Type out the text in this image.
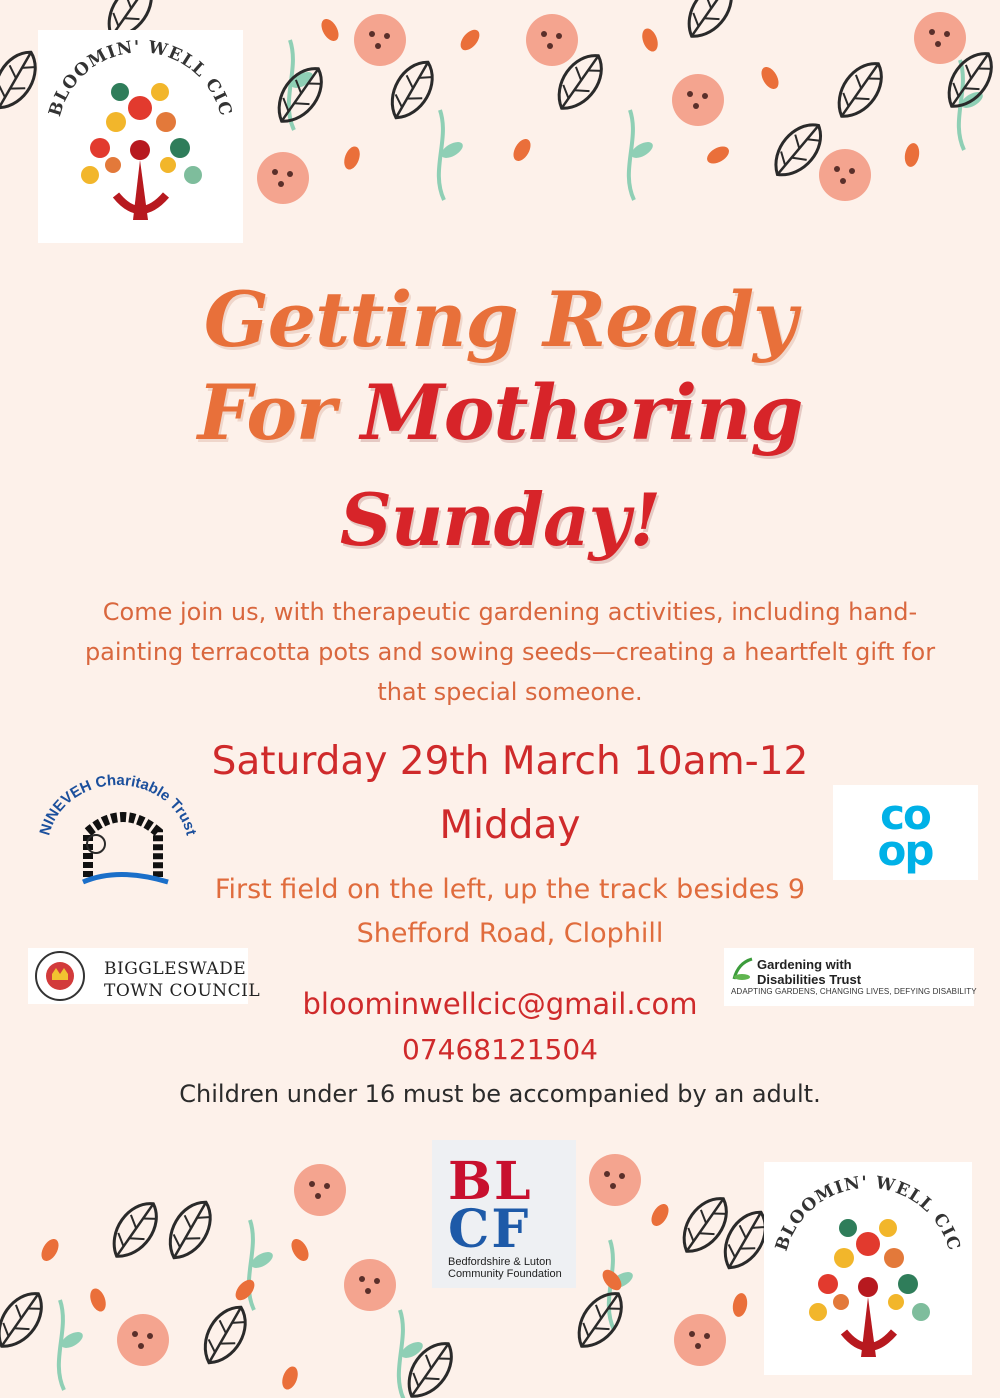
BLOOMIN' WELL CIC
Getting Ready
For Mothering
Sunday!
Come join us, with therapeutic gardening activities, including hand-painting terracotta pots and sowing seeds—creating a heartfelt gift for that special someone.
Saturday 29th March 10am-12
Midday
First field on the left, up the track besides 9
Shefford Road, Clophill
bloominwellcic@gmail.com
07468121504
Children under 16 must be accompanied by an adult.
NINEVEH Charitable Trust	co
op
BIGGLESWADE
TOWN COUNCIL
Gardening with
Disabilities Trust
ADAPTING GARDENS, CHANGING LIVES, DEFYING DISABILITY
BL
CF
Bedfordshire & Luton Community Foundation
BLOOMIN' WELL CIC
